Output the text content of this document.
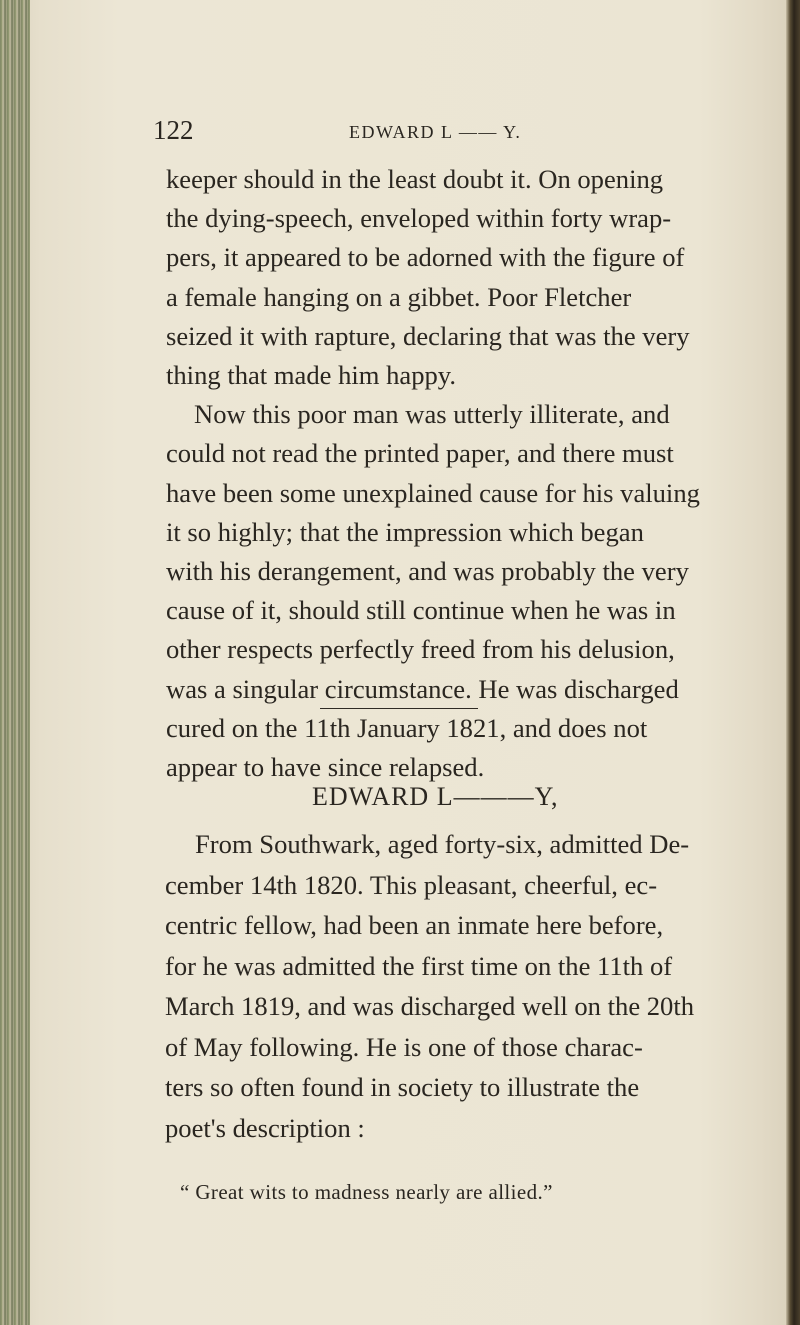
122	EDWARD L —— Y.
keeper should in the least doubt it. On opening
the dying-speech, enveloped within forty wrap-
pers, it appeared to be adorned with the figure of
a female hanging on a gibbet. Poor Fletcher
seized it with rapture, declaring that was the very
thing that made him happy.
Now this poor man was utterly illiterate, and
could not read the printed paper, and there must
have been some unexplained cause for his valuing
it so highly; that the impression which began
with his derangement, and was probably the very
cause of it, should still continue when he was in
other respects perfectly freed from his delusion,
was a singular circumstance. He was discharged
cured on the 11th January 1821, and does not
appear to have since relapsed.
EDWARD L———Y,
From Southwark, aged forty-six, admitted De-
cember 14th 1820. This pleasant, cheerful, ec-
centric fellow, had been an inmate here before,
for he was admitted the first time on the 11th of
March 1819, and was discharged well on the 20th
of May following. He is one of those charac-
ters so often found in society to illustrate the
poet's description :
“ Great wits to madness nearly are allied.”
